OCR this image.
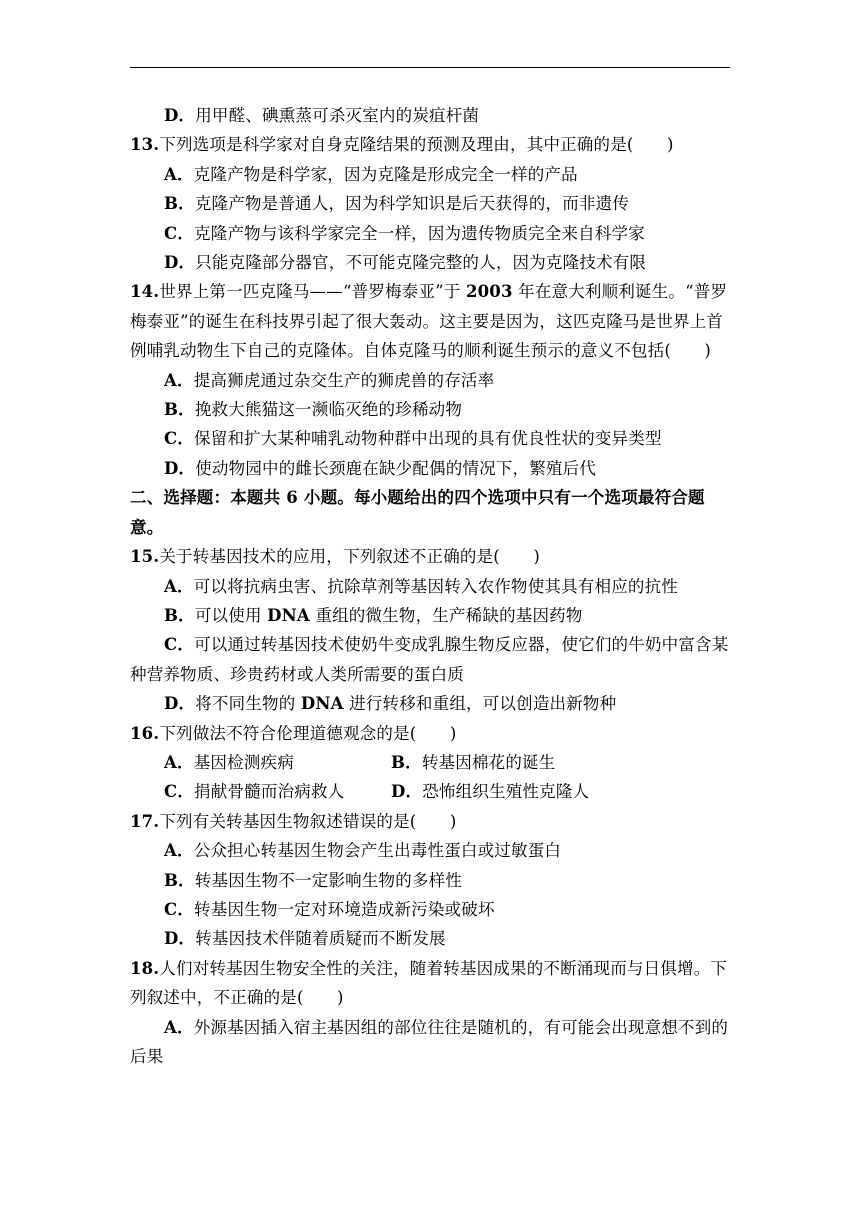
D．用甲醛、碘熏蒸可杀灭室内的炭疽杆菌
13.下列选项是科学家对自身克隆结果的预测及理由，其中正确的是(　　)
A．克隆产物是科学家，因为克隆是形成完全一样的产品
B．克隆产物是普通人，因为科学知识是后天获得的，而非遗传
C．克隆产物与该科学家完全一样，因为遗传物质完全来自科学家
D．只能克隆部分器官，不可能克隆完整的人，因为克隆技术有限
14.世界上第一匹克隆马——“普罗梅泰亚”于 2003 年在意大利顺利诞生。“普罗梅泰亚”的诞生在科技界引起了很大轰动。这主要是因为，这匹克隆马是世界上首例哺乳动物生下自己的克隆体。自体克隆马的顺利诞生预示的意义不包括(　　)
A．提高狮虎通过杂交生产的狮虎兽的存活率
B．挽救大熊猫这一濒临灭绝的珍稀动物
C．保留和扩大某种哺乳动物种群中出现的具有优良性状的变异类型
D．使动物园中的雌长颈鹿在缺少配偶的情况下，繁殖后代
二、选择题：本题共 6 小题。每小题给出的四个选项中只有一个选项最符合题意。
15.关于转基因技术的应用，下列叙述不正确的是(　　)
A．可以将抗病虫害、抗除草剂等基因转入农作物使其具有相应的抗性
B．可以使用 DNA 重组的微生物，生产稀缺的基因药物
C．可以通过转基因技术使奶牛变成乳腺生物反应器，使它们的牛奶中富含某种营养物质、珍贵药材或人类所需要的蛋白质
D．将不同生物的 DNA 进行转移和重组，可以创造出新物种
16.下列做法不符合伦理道德观念的是(　　)
A．基因检测疾病	B．转基因棉花的诞生
C．捐献骨髓而治病救人	D．恐怖组织生殖性克隆人
17.下列有关转基因生物叙述错误的是(　　)
A．公众担心转基因生物会产生出毒性蛋白或过敏蛋白
B．转基因生物不一定影响生物的多样性
C．转基因生物一定对环境造成新污染或破坏
D．转基因技术伴随着质疑而不断发展
18.人们对转基因生物安全性的关注，随着转基因成果的不断涌现而与日俱增。下列叙述中，不正确的是(　　)
A．外源基因插入宿主基因组的部位往往是随机的，有可能会出现意想不到的后果
